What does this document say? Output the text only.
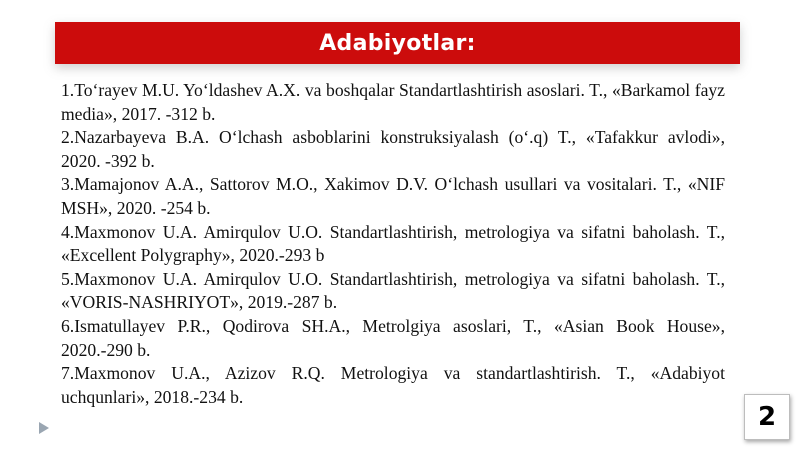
Adabiyotlar:

1.To‘rayev M.U. Yo‘ldashev A.X. va boshqalar Standartlashtirish asoslari. T., «Barkamol fayz media», 2017. -312 b.

2.Nazarbayeva B.A. O‘lchash asboblarini konstruksiyalash (o‘.q) T., «Tafakkur avlodi», 2020. -392 b.

3.Mamajonov A.A., Sattorov M.O., Xakimov D.V. O‘lchash usullari va vositalari. T., «NIF MSH», 2020. -254 b.

4.Maxmonov U.A. Amirqulov U.O. Standartlashtirish, metrologiya va sifatni baholash. T., «Excellent Polygraphy», 2020.-293 b

5.Maxmonov U.A. Amirqulov U.O. Standartlashtirish, metrologiya va sifatni baholash. T., «VORIS-NASHRIYOT», 2019.-287 b.

6.Ismatullayev P.R., Qodirova SH.A., Metrolgiya asoslari, T., «Asian Book House», 2020.-290 b.

7.Maxmonov U.A., Azizov R.Q. Metrologiya va standartlashtirish. T., «Adabiyot uchqunlari», 2018.-234 b.

2
